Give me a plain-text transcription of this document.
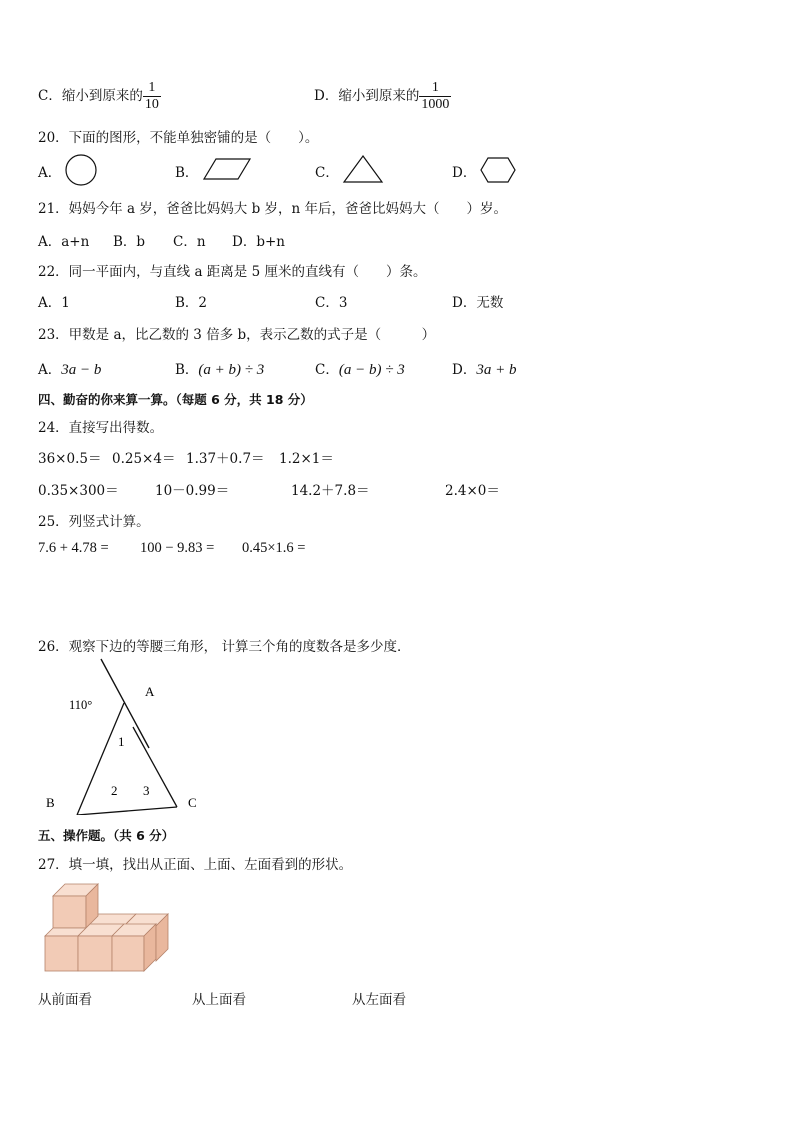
C．缩小到原来的 $\frac{1}{10}$	D．缩小到原来的 $\frac{1}{1000}$
20．下面的图形，不能单独密铺的是（　　）。
A．	B．	C．	D．
21．妈妈今年 a 岁，爸爸比妈妈大 b 岁，n 年后，爸爸比妈妈大（　　）岁。
A．a+n B．b C．n D．b+n
22．同一平面内，与直线 a 距离是 5 厘米的直线有（　　）条。
A．1	B．2	C．3	D．无数
23．甲数是 a，比乙数的 3 倍多 b，表示乙数的式子是（　　　）
A．3a − b	B．(a + b) ÷ 3	C．(a − b) ÷ 3	D．3a + b
四、勤奋的你来算一算。（每题 6 分，共 18 分）
24．直接写出得数。
36×0.5＝ 0.25×4＝ 1.37＋0.7＝ 1.2×1＝
0.35×300＝	10－0.99＝	14.2＋7.8＝	2.4×0＝
25．列竖式计算。
7.6 + 4.78 = 100 − 9.83 = 0.45×1.6 =
26．观察下边的等腰三角形， 计算三个角的度数各是多少度．
110°
A
B	C
1
2 3
五、操作题。（共 6 分）
27．填一填，找出从正面、上面、左面看到的形状。
从前面看	从上面看	从左面看
